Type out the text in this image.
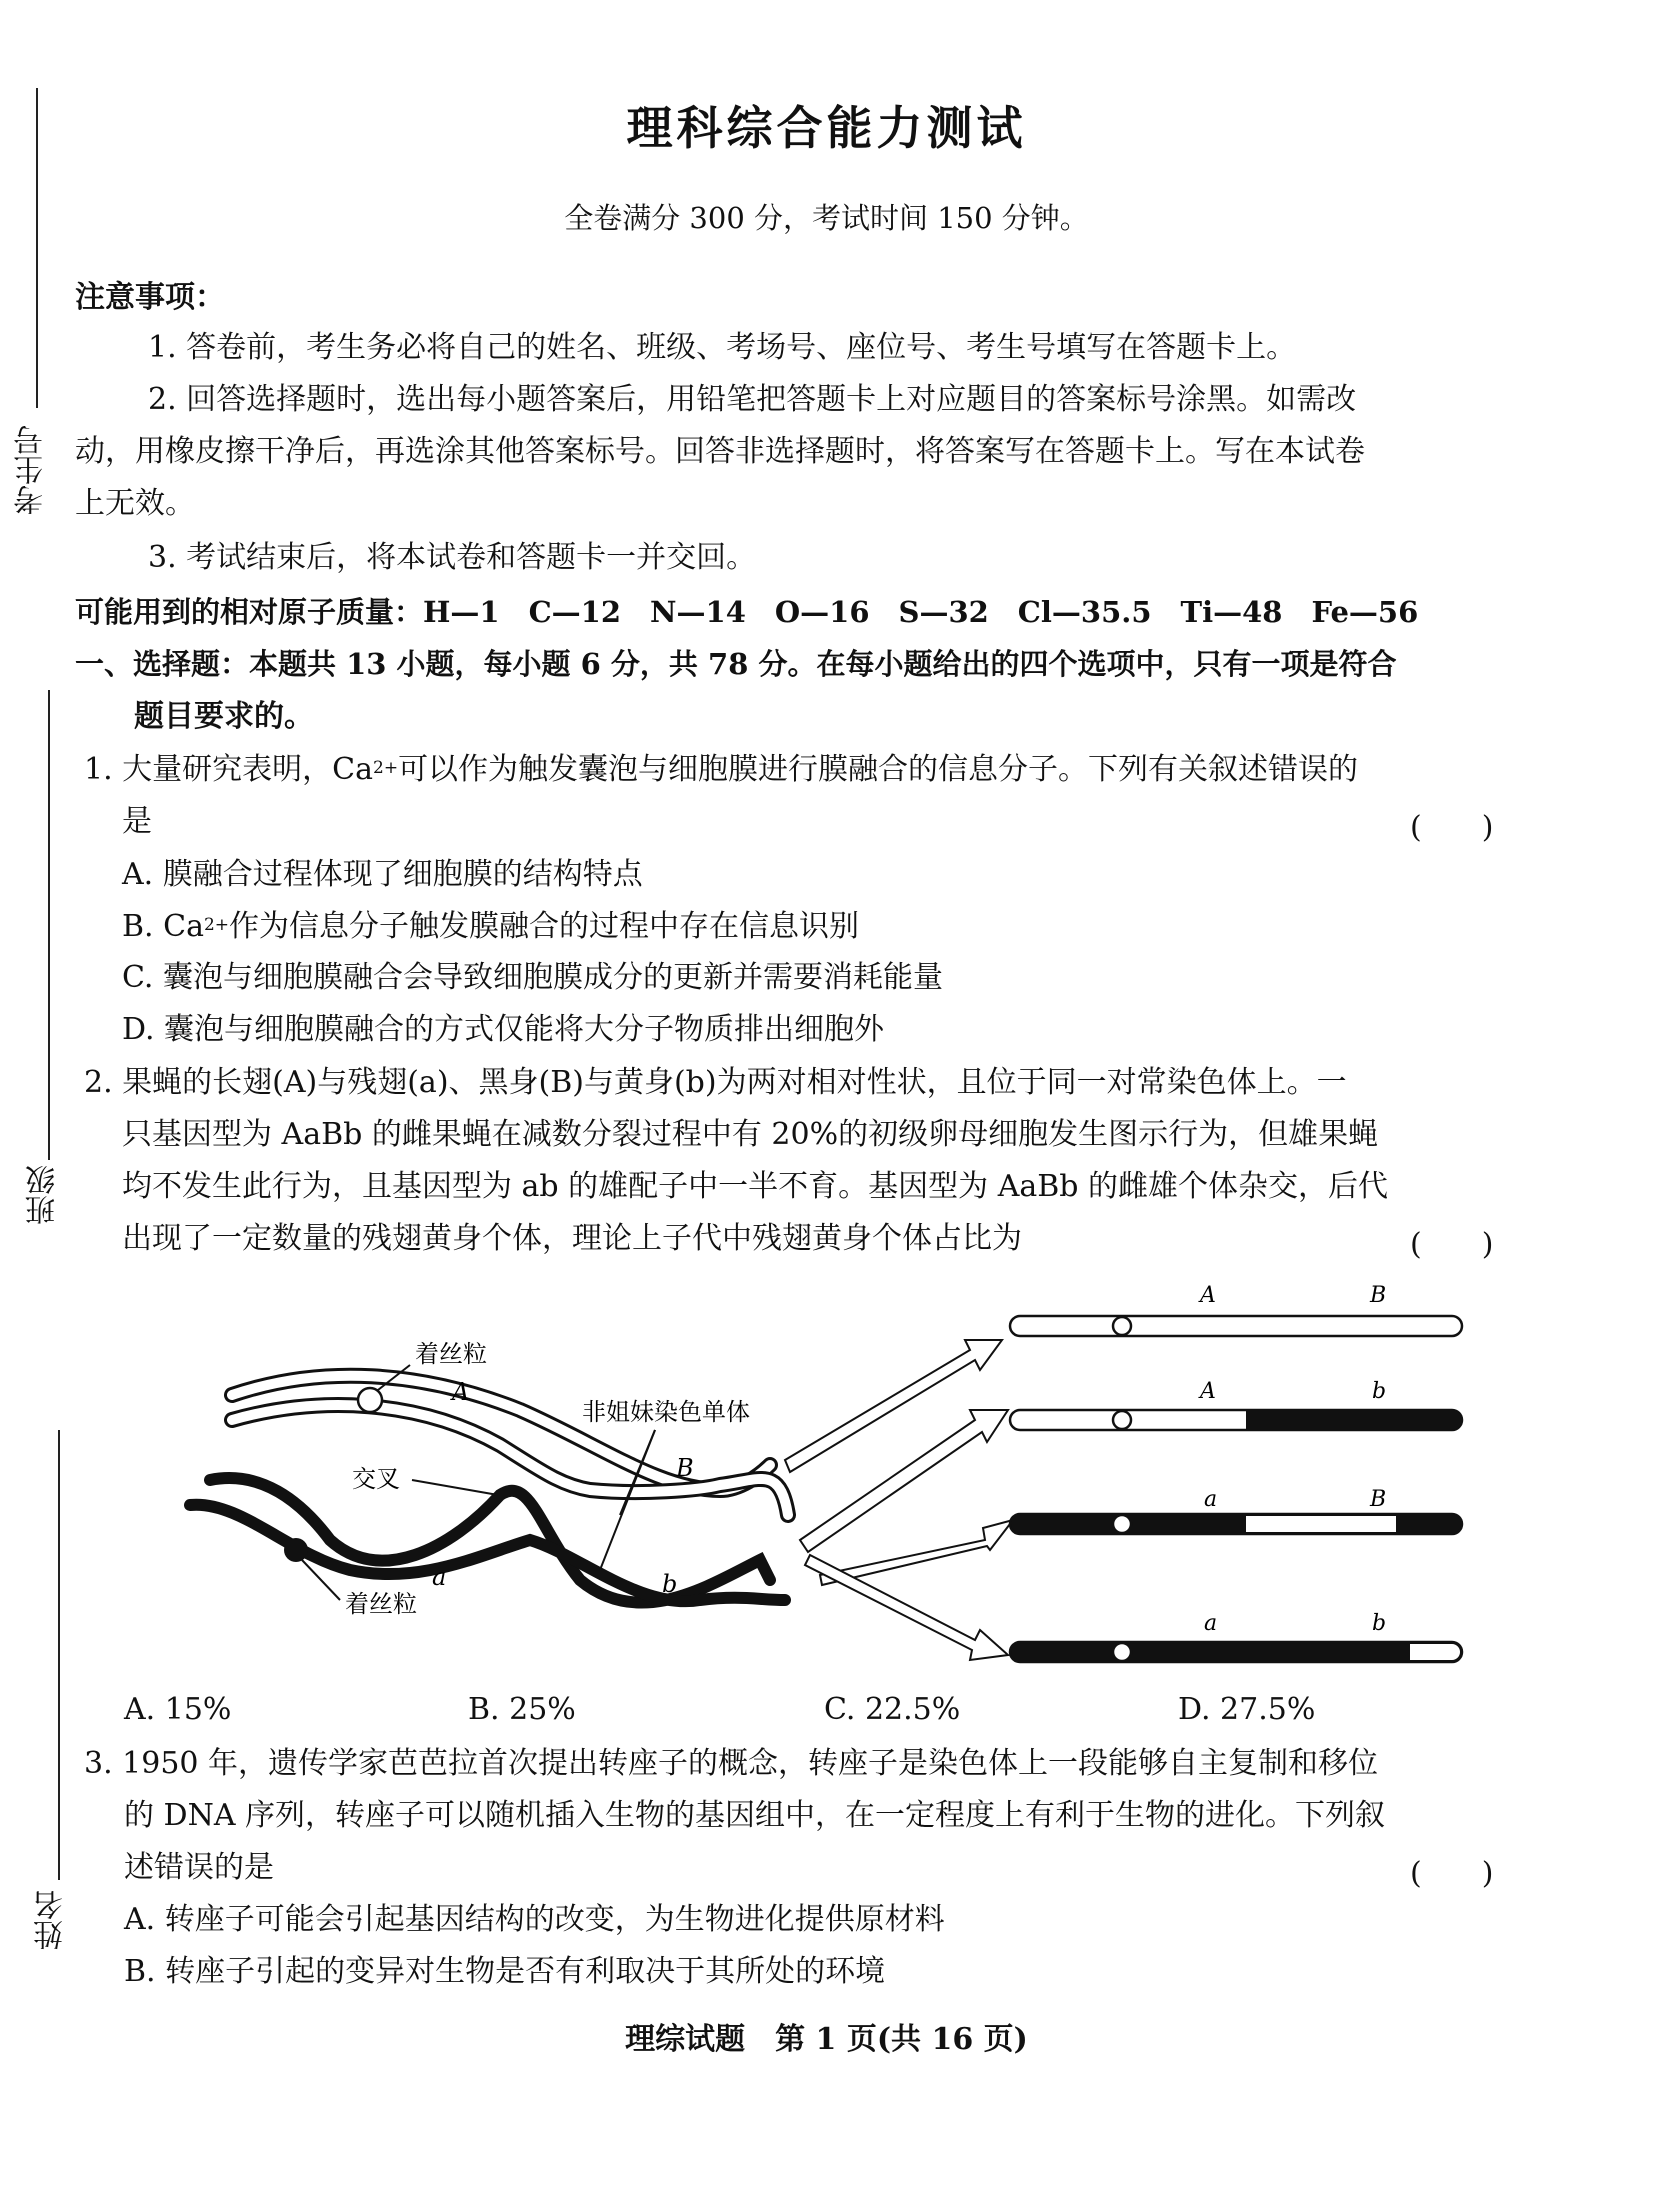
考生号
班级
姓名
理科综合能力测试
全卷满分 300 分，考试时间 150 分钟。
注意事项：
1. 答卷前，考生务必将自己的姓名、班级、考场号、座位号、考生号填写在答题卡上。
2. 回答选择题时，选出每小题答案后，用铅笔把答题卡上对应题目的答案标号涂黑。如需改
动，用橡皮擦干净后，再选涂其他答案标号。回答非选择题时，将答案写在答题卡上。写在本试卷
上无效。
3. 考试结束后，将本试卷和答题卡一并交回。
可能用到的相对原子质量：H—1　C—12　N—14　O—16　S—32　Cl—35.5　Ti—48　Fe—56
一、选择题：本题共 13 小题，每小题 6 分，共 78 分。在每小题给出的四个选项中，只有一项是符合
题目要求的。
1. 大量研究表明，$Ca^{2+}$可以作为触发囊泡与细胞膜进行膜融合的信息分子。下列有关叙述错误的
是	(　　)
A. 膜融合过程体现了细胞膜的结构特点
B. $Ca^{2+}$作为信息分子触发膜融合的过程中存在信息识别
C. 囊泡与细胞膜融合会导致细胞膜成分的更新并需要消耗能量
D. 囊泡与细胞膜融合的方式仅能将大分子物质排出细胞外
2. 果蝇的长翅(A)与残翅(a)、黑身(B)与黄身(b)为两对相对性状，且位于同一对常染色体上。一
只基因型为 AaBb 的雌果蝇在减数分裂过程中有 20%的初级卵母细胞发生图示行为，但雄果蝇
均不发生此行为，且基因型为 ab 的雄配子中一半不育。基因型为 AaBb 的雌雄个体杂交，后代
出现了一定数量的残翅黄身个体，理论上子代中残翅黄身个体占比为	(　　)
着丝粒
着丝粒
交叉
非姐妹染色单体
A
B
a	b
A	B
A	b
a	B
a	b
A. 15%	B. 25%	C. 22.5%	D. 27.5%
3. 1950 年，遗传学家芭芭拉首次提出转座子的概念，转座子是染色体上一段能够自主复制和移位
的 DNA 序列，转座子可以随机插入生物的基因组中，在一定程度上有利于生物的进化。下列叙
述错误的是	(　　)
A. 转座子可能会引起基因结构的改变，为生物进化提供原材料
B. 转座子引起的变异对生物是否有利取决于其所处的环境
理综试题　第 1 页(共 16 页)
